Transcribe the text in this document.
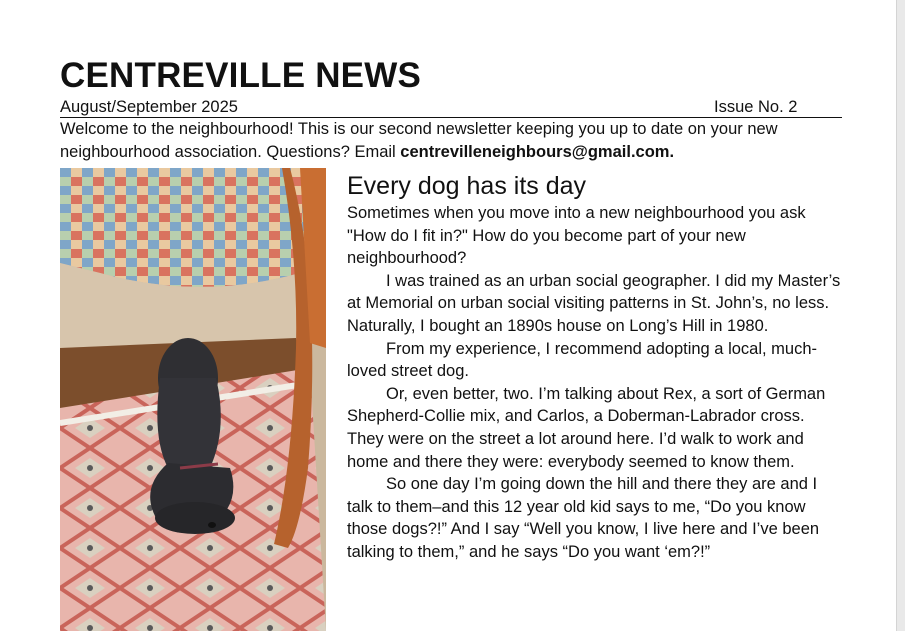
CENTREVILLE NEWS
August/September 2025	Issue No. 2
Welcome to the neighbourhood! This is our second newsletter keeping you up to date on your new neighbourhood association. Questions? Email centrevilleneighbours@gmail.com.
Every dog has its day

Sometimes when you move into a new neighbourhood you ask "How do I fit in?" How do you become part of your new neighbourhood?

I was trained as an urban social geographer. I did my Master’s at Memorial on urban social visiting patterns in St. John’s, no less. Naturally, I bought an 1890s house on Long’s Hill in 1980.

From my experience, I recommend adopting a local, much-loved street dog.

Or, even better, two. I’m talking about Rex, a sort of German Shepherd-Collie mix, and Carlos, a Doberman-Labrador cross. They were on the street a lot around here. I’d walk to work and home and there they were: everybody seemed to know them.

So one day I’m going down the hill and there they are and I talk to them–and this 12 year old kid says to me, “Do you know those dogs?!” And I say “Well you know, I live here and I’ve been talking to them,” and he says “Do you want ‘em?!”
